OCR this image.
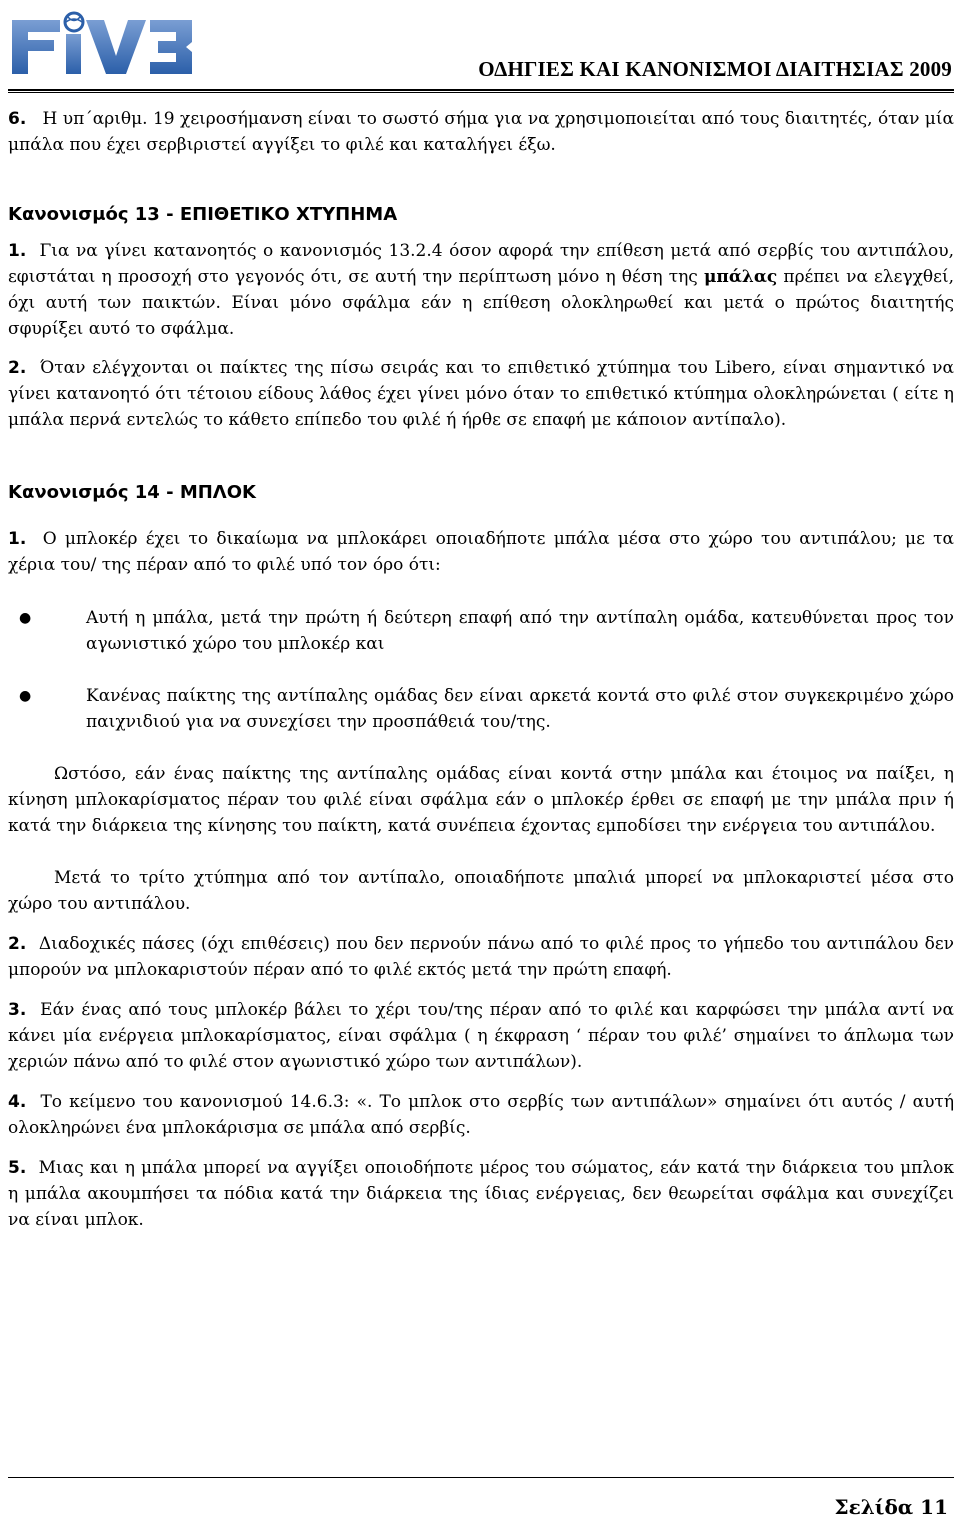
ΟΔΗΓΙΕΣ ΚΑΙ ΚΑΝΟΝΙΣΜΟΙ ΔΙΑΙΤΗΣΙΑΣ 2009

6. Η υπ΄αριθμ. 19 χειροσήμανση είναι το σωστό σήμα για να χρησιμοποιείται από τους διαιτητές, όταν μία μπάλα που έχει σερβιριστεί αγγίξει το φιλέ και καταλήγει έξω.

Κανονισμός 13 - ΕΠΙΘΕΤΙΚΟ ΧΤΥΠΗΜΑ

1. Για να γίνει κατανοητός ο κανονισμός 13.2.4 όσον αφορά την επίθεση μετά από σερβίς του αντιπάλου, εφιστάται η προσοχή στο γεγονός ότι, σε αυτή την περίπτωση μόνο η θέση της μπάλας πρέπει να ελεγχθεί, όχι αυτή των παικτών. Είναι μόνο σφάλμα εάν η επίθεση ολοκληρωθεί και μετά ο πρώτος διαιτητής σφυρίξει αυτό το σφάλμα.

2. Όταν ελέγχονται οι παίκτες της πίσω σειράς και το επιθετικό χτύπημα του Libero, είναι σημαντικό να γίνει κατανοητό ότι τέτοιου είδους λάθος έχει γίνει μόνο όταν το επιθετικό κτύπημα ολοκληρώνεται ( είτε η μπάλα περνά εντελώς το κάθετο επίπεδο του φιλέ ή ήρθε σε επαφή με κάποιον αντίπαλο).

Κανονισμός 14 - ΜΠΛΟΚ

1. Ο μπλοκέρ έχει το δικαίωμα να μπλοκάρει οποιαδήποτε μπάλα μέσα στο χώρο του αντιπάλου; με τα χέρια του/ της πέραν από το φιλέ υπό τον όρο ότι:

●	Αυτή η μπάλα, μετά την πρώτη ή δεύτερη επαφή από την αντίπαλη ομάδα, κατευθύνεται προς τον αγωνιστικό χώρο του μπλοκέρ και
●	Κανένας παίκτης της αντίπαλης ομάδας δεν είναι αρκετά κοντά στο φιλέ στον συγκεκριμένο χώρο παιχνιδιού για να συνεχίσει την προσπάθειά του/της.

Ωστόσο, εάν ένας παίκτης της αντίπαλης ομάδας είναι κοντά στην μπάλα και έτοιμος να παίξει, η κίνηση μπλοκαρίσματος πέραν του φιλέ είναι σφάλμα εάν ο μπλοκέρ έρθει σε επαφή με την μπάλα πριν ή κατά την διάρκεια της κίνησης του παίκτη, κατά συνέπεια έχοντας εμποδίσει την ενέργεια του αντιπάλου.

Μετά το τρίτο χτύπημα από τον αντίπαλο, οποιαδήποτε μπαλιά μπορεί να μπλοκαριστεί μέσα στο χώρο του αντιπάλου.

2. Διαδοχικές πάσες (όχι επιθέσεις) που δεν περνούν πάνω από το φιλέ προς το γήπεδο του αντιπάλου δεν μπορούν να μπλοκαριστούν πέραν από το φιλέ εκτός μετά την πρώτη επαφή.

3. Εάν ένας από τους μπλοκέρ βάλει το χέρι του/της πέραν από το φιλέ και καρφώσει την μπάλα αντί να κάνει μία ενέργεια μπλοκαρίσματος, είναι σφάλμα ( η έκφραση ‘ πέραν του φιλέ’ σημαίνει το άπλωμα των χεριών πάνω από το φιλέ στον αγωνιστικό χώρο των αντιπάλων).

4. Το κείμενο του κανονισμού 14.6.3: «. Το μπλοκ στο σερβίς των αντιπάλων» σημαίνει ότι αυτός / αυτή ολοκληρώνει ένα μπλοκάρισμα σε μπάλα από σερβίς.

5. Μιας και η μπάλα μπορεί να αγγίξει οποιοδήποτε μέρος του σώματος, εάν κατά την διάρκεια του μπλοκ η μπάλα ακουμπήσει τα πόδια κατά την διάρκεια της ίδιας ενέργειας, δεν θεωρείται σφάλμα και συνεχίζει να είναι μπλοκ.

Σελίδα 11
